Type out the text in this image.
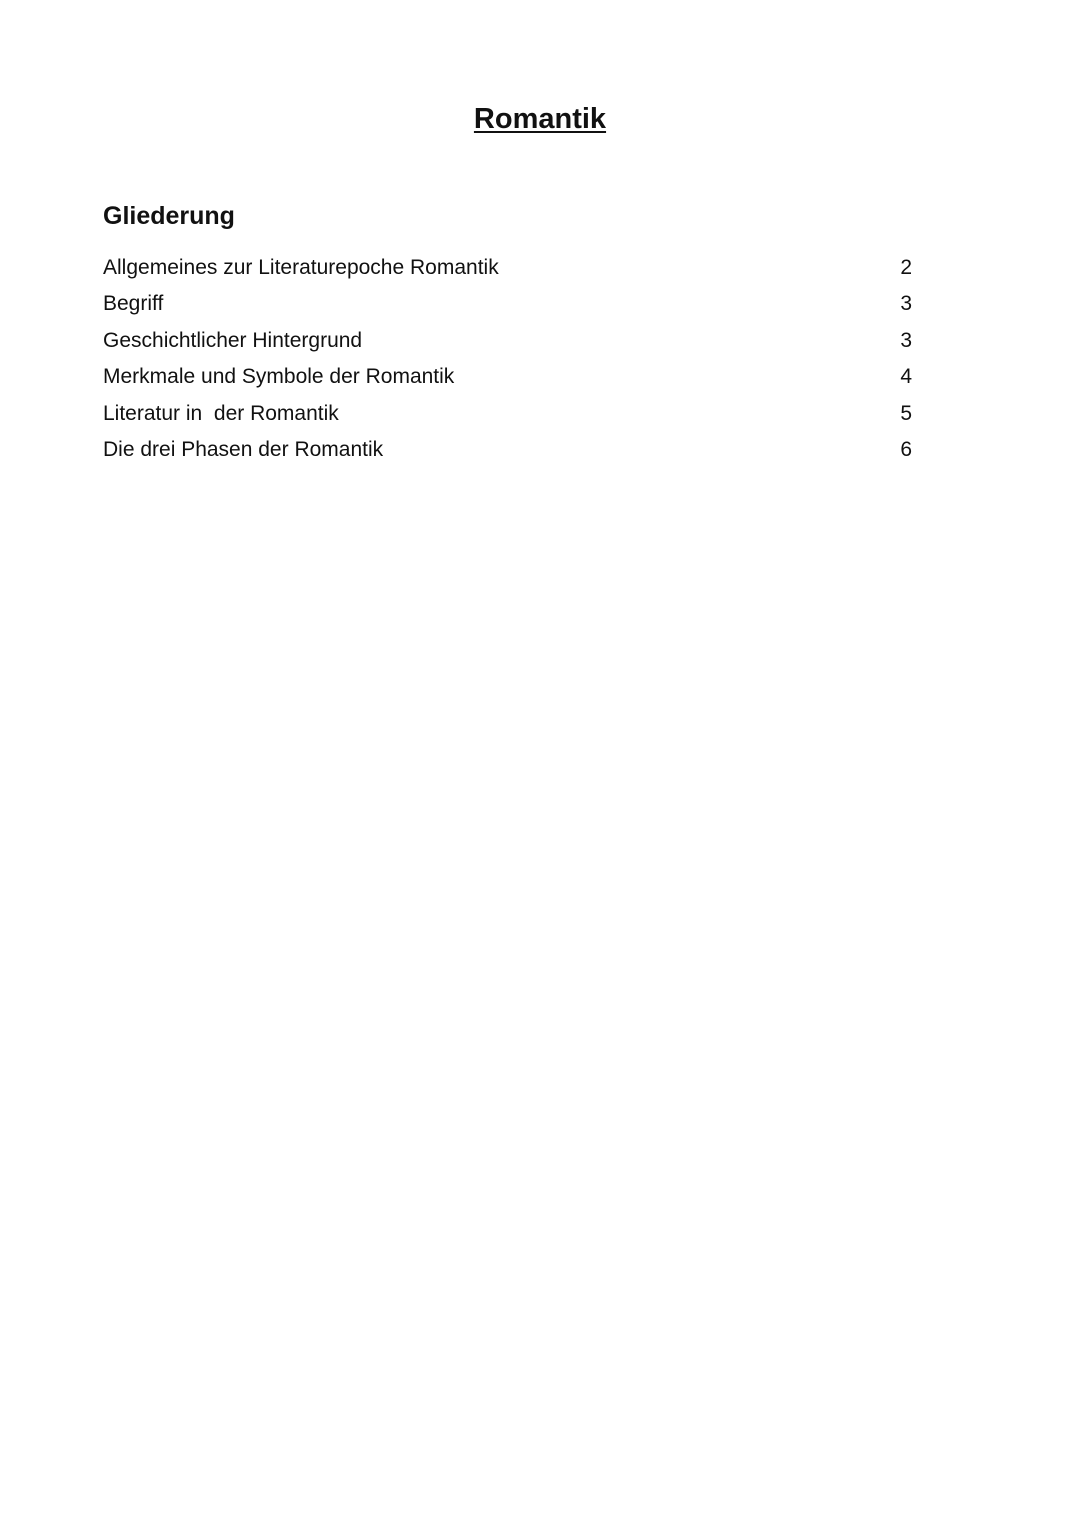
Romantik
Gliederung
Allgemeines zur Literaturepoche Romantik	2
Begriff	3
Geschichtlicher Hintergrund	3
Merkmale und Symbole der Romantik	4
Literatur in  der Romantik	5
Die drei Phasen der Romantik	6
